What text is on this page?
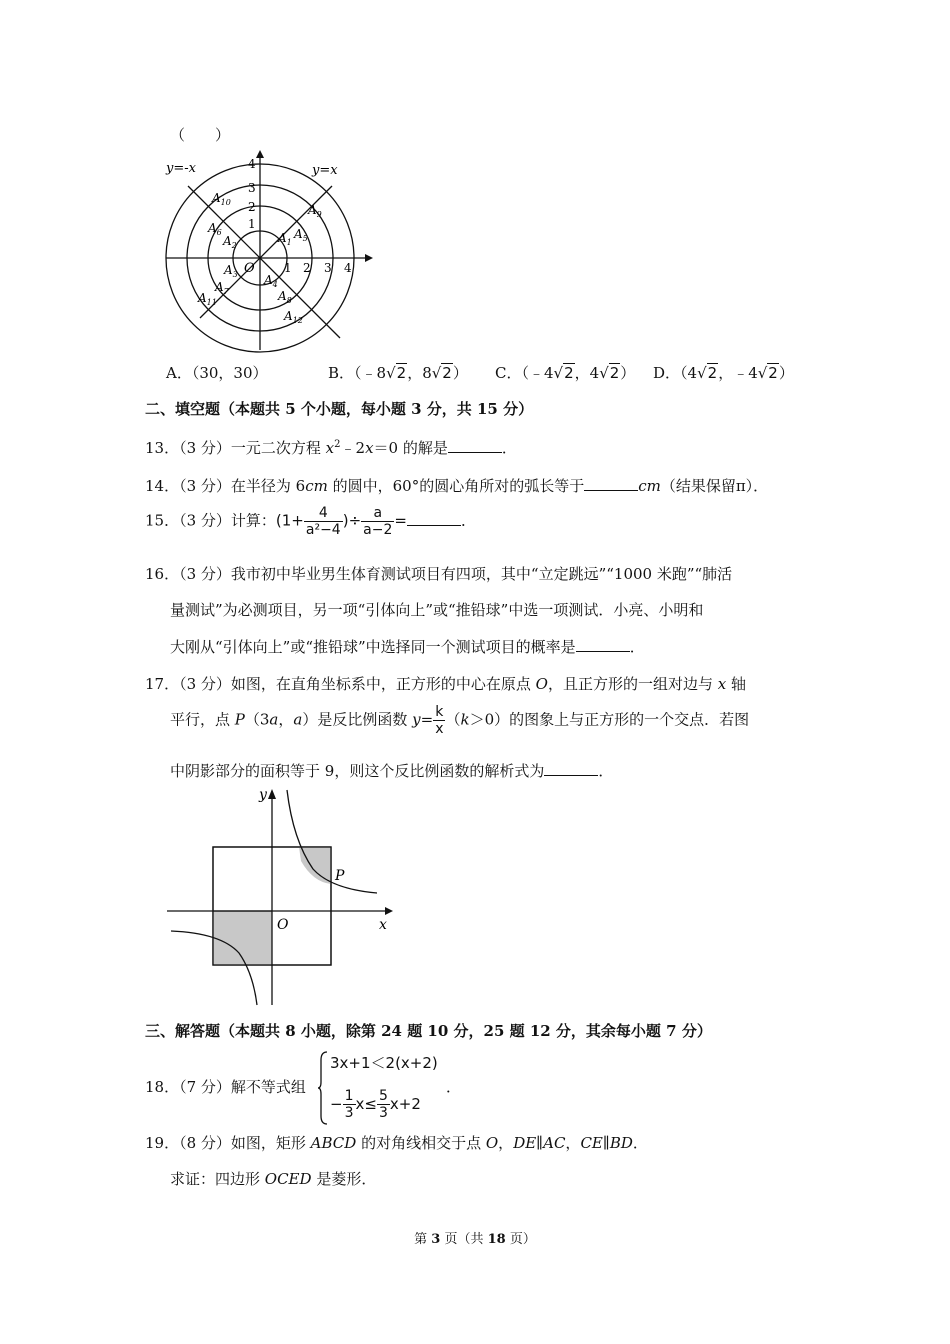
（　　）
y=-x	y=x
O
4
3
2
1
1 2 3 4
$A_{10}$
$A_9$
$A_6$	$A_5$
$A_2$
$A_1$
$A_3$
$A_7$
$A_4$
$A_8$
$A_{11}$
$A_{12}$
A．（30，30）	B．（﹣8√2，8√2） C．（﹣4√2，4√2） D．（4√2，﹣4√2）
二、填空题（本题共 5 个小题，每小题 3 分，共 15 分）
13．（3 分）一元二次方程 $x^2﹣2x=0$ 的解是	．
14．（3 分）在半径为 6cm 的圆中，60°的圆心角所对的弧长等于	cm（结果保留π）．
15．（3 分）计算：($1+ \frac{4}{\text{a²−4}}$ )÷ $\frac{a}{a-2}$ =	．
16．（3 分）我市初中毕业男生体育测试项目有四项，其中“立定跳远”“1000 米跑”“肺活
量测试”为必测项目，另一项“引体向上”或“推铅球”中选一项测试．小亮、小明和
大刚从“引体向上”或“推铅球”中选择同一个测试项目的概率是	．
17．（3 分）如图，在直角坐标系中，正方形的中心在原点 O，且正方形的一组对边与 x 轴
平行，点 P（3a，a）是反比例函数 $y= \frac{k}{x} (k>0)$的图象上与正方形的一个交点．若图
中阴影部分的面积等于 9，则这个反比例函数的解析式为	．
y
x
O
P
三、解答题（本题共 8 小题，除第 24 题 10 分，25 题 12 分，其余每小题 7 分）
18．（7 分）解不等式组
3x+1＜2(x+2)
− $\frac{1}{3} x\le \frac{5}{3} x+2$
．
19．（8 分）如图，矩形 ABCD 的对角线相交于点 O，DE∥AC，CE∥BD．
求证：四边形 OCED 是菱形．
第 3 页（共 18 页）
